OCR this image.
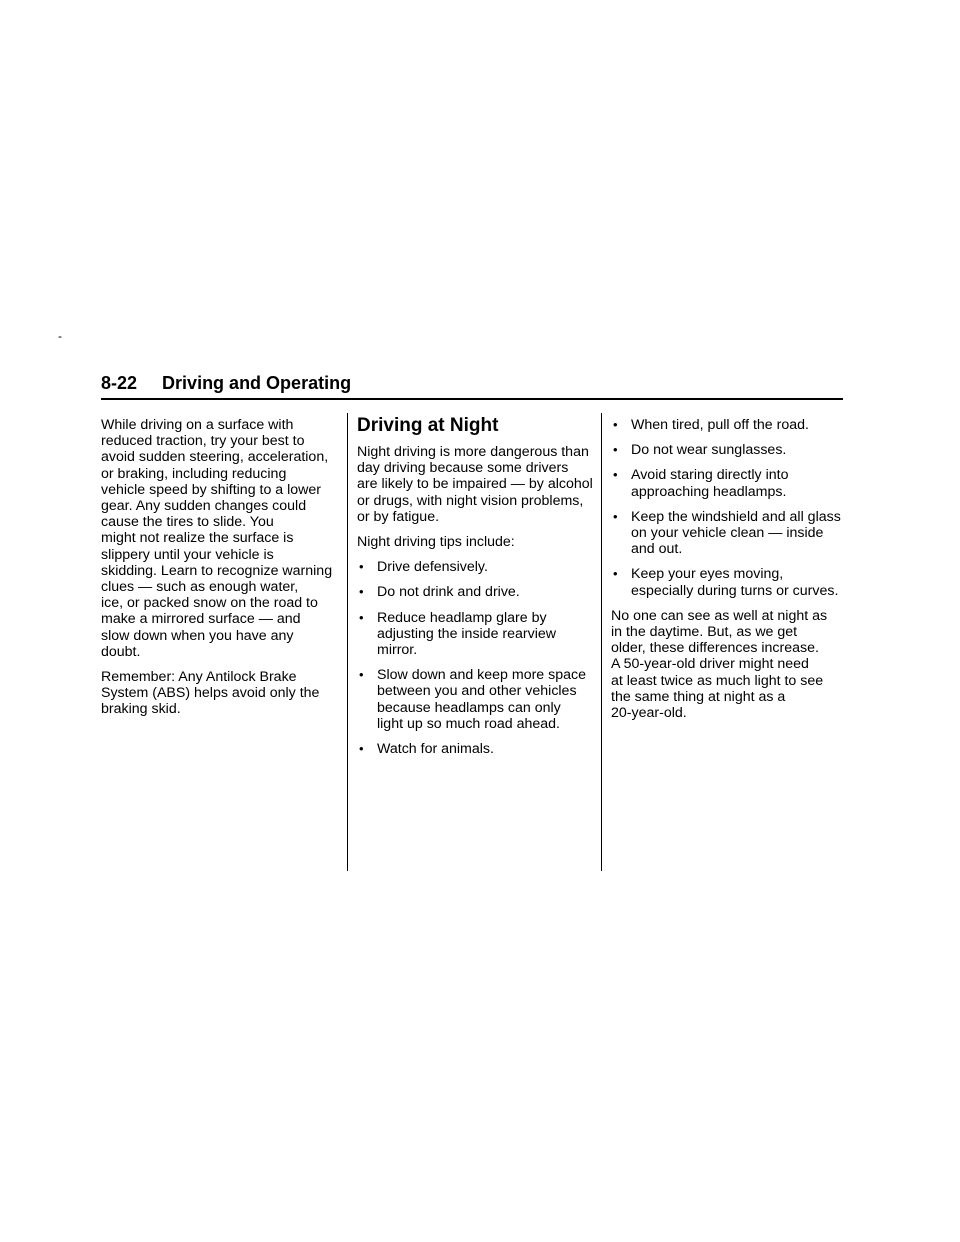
-
8-22 Driving and Operating

While driving on a surface with
reduced traction, try your best to
avoid sudden steering, acceleration,
or braking, including reducing
vehicle speed by shifting to a lower
gear. Any sudden changes could
cause the tires to slide. You
might not realize the surface is
slippery until your vehicle is
skidding. Learn to recognize warning
clues — such as enough water,
ice, or packed snow on the road to
make a mirrored surface — and
slow down when you have any
doubt.

Remember: Any Antilock Brake
System (ABS) helps avoid only the
braking skid.

Driving at Night

Night driving is more dangerous than
day driving because some drivers
are likely to be impaired — by alcohol
or drugs, with night vision problems,
or by fatigue.

Night driving tips include:

• Drive defensively.
• Do not drink and drive.
• Reduce headlamp glare by
adjusting the inside rearview
mirror.
• Slow down and keep more space
between you and other vehicles
because headlamps can only
light up so much road ahead.
• Watch for animals.
• When tired, pull off the road.
• Do not wear sunglasses.
• Avoid staring directly into
approaching headlamps.
• Keep the windshield and all glass
on your vehicle clean — inside
and out.
• Keep your eyes moving,
especially during turns or curves.

No one can see as well at night as
in the daytime. But, as we get
older, these differences increase.
A 50-year-old driver might need
at least twice as much light to see
the same thing at night as a
20-year-old.
